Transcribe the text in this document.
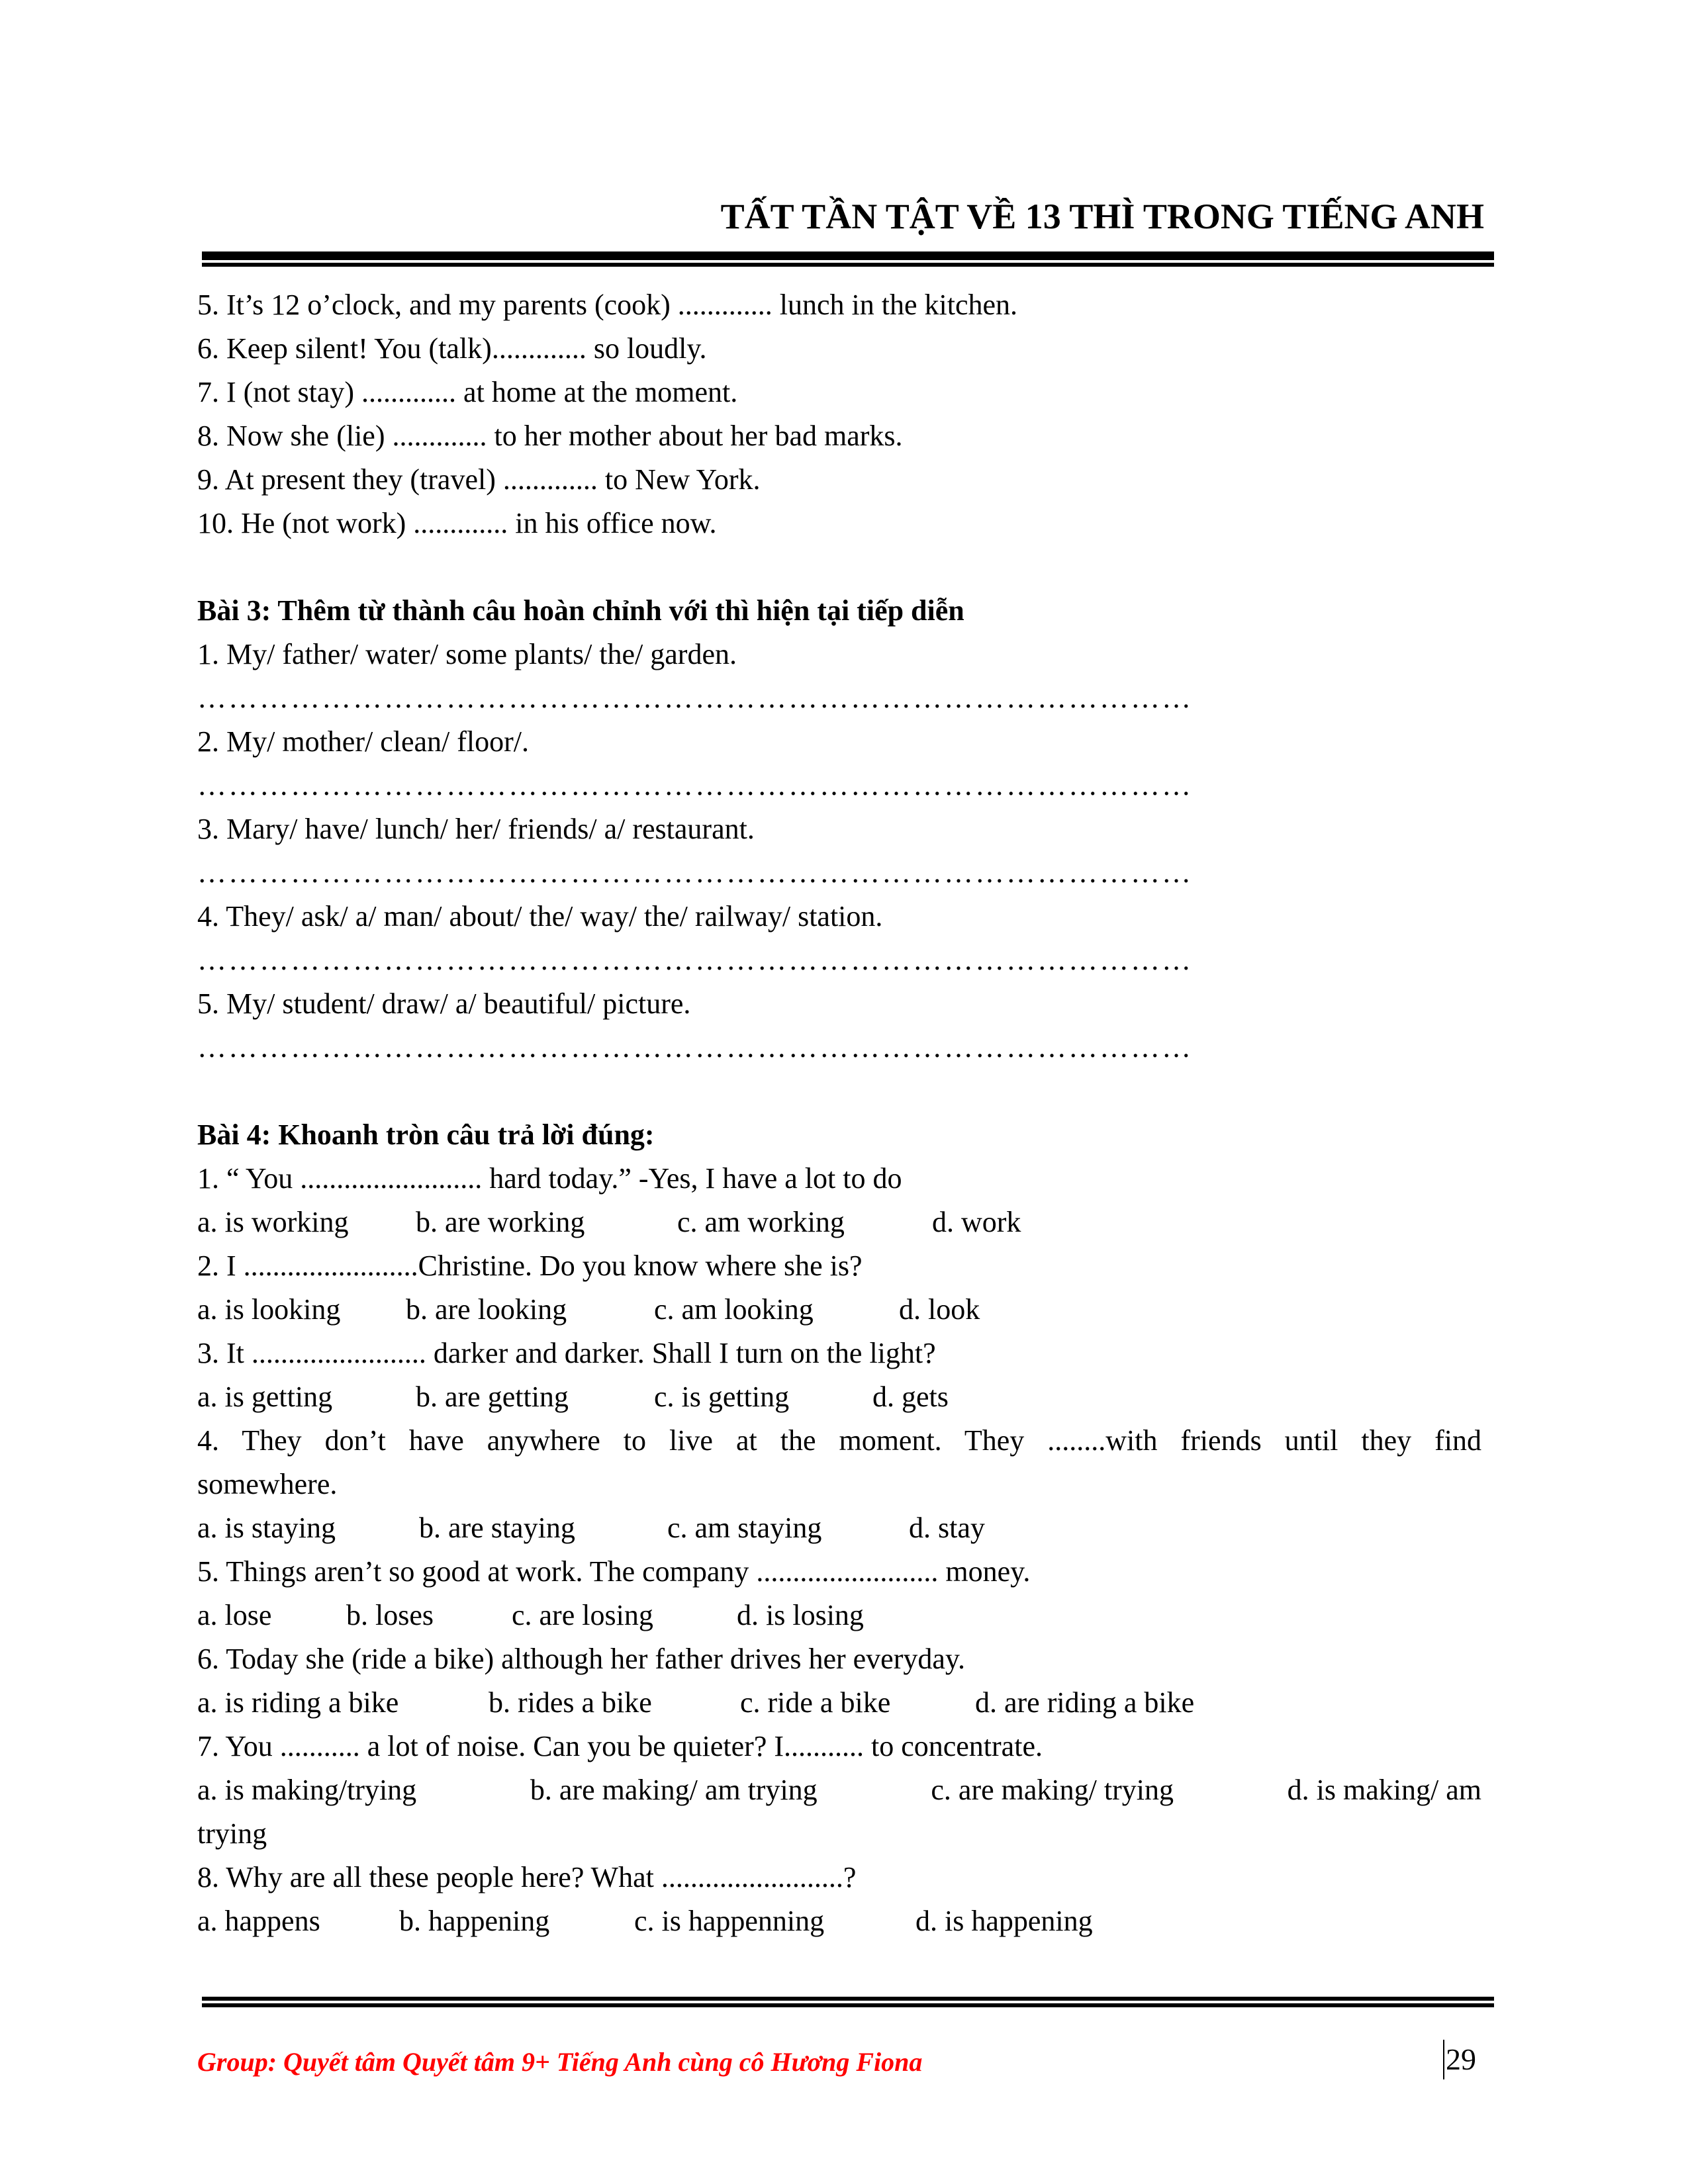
TẤT TẦN TẬT VỀ 13 THÌ TRONG TIẾNG ANH
5. It’s 12 o’clock, and my parents (cook) ............. lunch in the kitchen.
6. Keep silent! You (talk)............. so loudly.
7. I (not stay) ............. at home at the moment.
8. Now she (lie) ............. to her mother about her bad marks.
9. At present they (travel) ............. to New York.
10. He (not work) ............. in his office now.
Bài 3: Thêm từ thành câu hoàn chỉnh với thì hiện tại tiếp diễn
1. My/ father/ water/ some plants/ the/ garden.
……………………………………………………………………………………
2. My/ mother/ clean/ floor/.
……………………………………………………………………………………
3. Mary/ have/ lunch/ her/ friends/ a/ restaurant.
……………………………………………………………………………………
4. They/ ask/ a/ man/ about/ the/ way/ the/ railway/ station.
……………………………………………………………………………………
5. My/ student/ draw/ a/ beautiful/ picture.
……………………………………………………………………………………
Bài 4: Khoanh tròn câu trả lời đúng:
1. “ You ......................... hard today.” -Yes, I have a lot to do
a. is working	b. are working	c. am working	d. work
2. I ........................Christine. Do you know where she is?
a. is looking	b. are looking	c. am looking	d. look
3. It ........................ darker and darker. Shall I turn on the light?
a. is getting	b. are getting	c. is getting	d. gets
4. They don’t have anywhere to live at the moment. They ........with friends until they find
somewhere.
a. is staying	b. are staying	c. am staying	d. stay
5. Things aren’t so good at work. The company ......................... money.
a. lose	b. loses	c. are losing	d. is losing
6. Today she (ride a bike) although her father drives her everyday.
a. is riding a bike	b. rides a bike	c. ride a bike	d. are riding a bike
7. You ........... a lot of noise. Can you be quieter? I........... to concentrate.
a. is making/trying	b. are making/ am trying	c. are making/ trying	d. is making/ am
trying
8. Why are all these people here? What .........................?
a. happens	b. happening	c. is happenning	d. is happening
Group: Quyết tâm Quyết tâm 9+ Tiếng Anh cùng cô Hương Fiona	29
